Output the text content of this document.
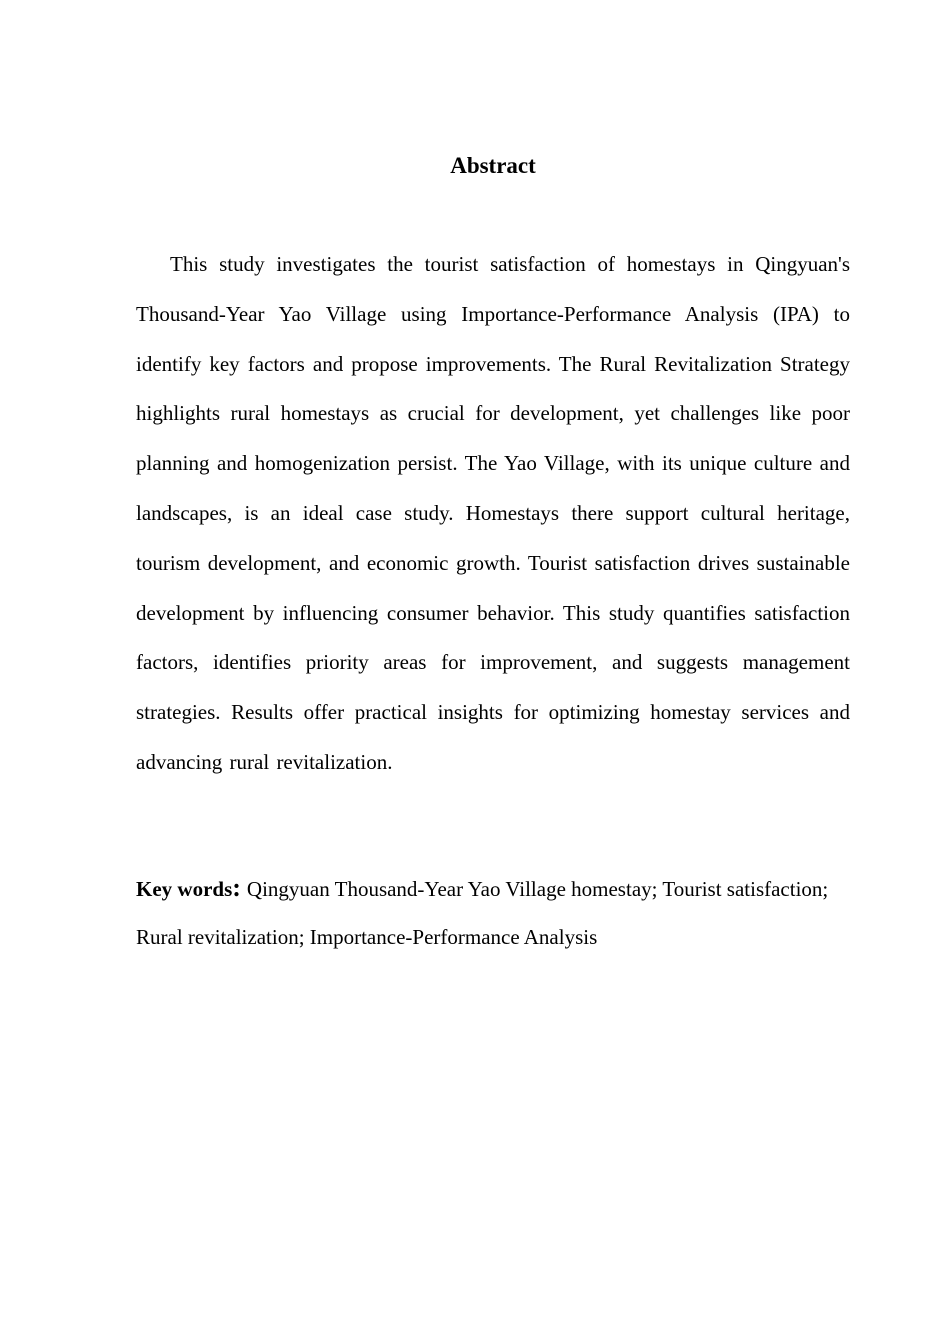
Abstract

This study investigates the tourist satisfaction of homestays in Qingyuan's Thousand-Year Yao Village using Importance-Performance Analysis (IPA) to identify key factors and propose improvements. The Rural Revitalization Strategy highlights rural homestays as crucial for development, yet challenges like poor planning and homogenization persist. The Yao Village, with its unique culture and landscapes, is an ideal case study. Homestays there support cultural heritage, tourism development, and economic growth. Tourist satisfaction drives sustainable development by influencing consumer behavior. This study quantifies satisfaction factors, identifies priority areas for improvement, and suggests management strategies. Results offer practical insights for optimizing homestay services and advancing rural revitalization.

Key words: Qingyuan Thousand-Year Yao Village homestay; Tourist satisfaction; Rural revitalization; Importance-Performance Analysis
